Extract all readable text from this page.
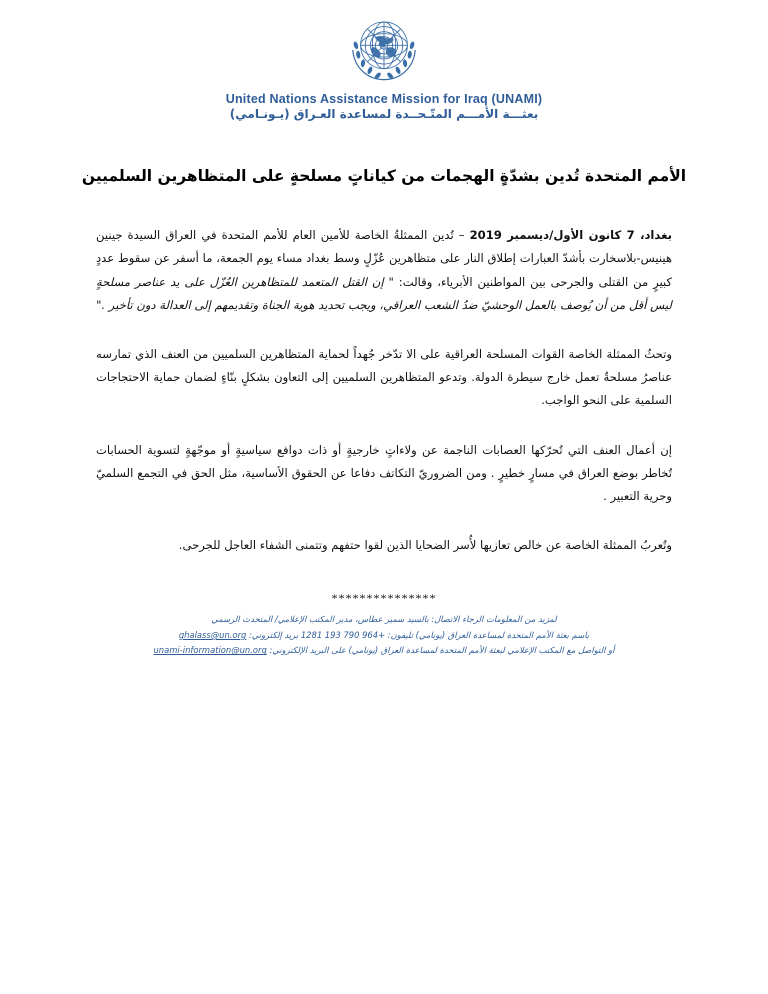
United Nations Assistance Mission for Iraq (UNAMI)
بعثـــة الأمـــم المتّـحــدة لمساعدة العـراق (يـونـامي)
الأمم المتحدة تُدين بشدّةٍ الهجمات من كياناتٍ مسلحةٍ على المتظاهرين السلميين

بغداد، 7 كانون الأول/ديسمبر 2019 – تُدين الممثلةُ الخاصة للأمين العام للأمم المتحدة في العراق السيدة جينين هينيس-بلاسخارت بأشدّ العبارات إطلاق النار على متظاهرين عُزّلٍ وسط بغداد مساء يوم الجمعة، ما أسفر عن سقوط عددٍ كبيرٍ من القتلى والجرحى بين المواطنين الأبرياء، وقالت: " إن القتل المتعمد للمتظاهرين العُزّل على يد عناصر مسلحةٍ ليس أقل من أن يُوصف بالعمل الوحشيّ ضدُ الشعب العراقي، ويجب تحديد هوية الجناة وتقديمهم إلى العدالة دون تأخير ."

وتحثُ الممثلة الخاصة القوات المسلحة العراقية على الا تدّخر جُهداً لحماية المتظاهرين السلميين من العنف الذي تمارسه عناصرُ مسلحةٌ تعمل خارج سيطرة الدولة. وتدعو المتظاهرين السلميين إلى التعاون بشكلٍ بنّاءٍ لضمان حماية الاحتجاجات السلمية على النحو الواجب.

إن أعمال العنف التي تُحرّكها العصابات الناجمة عن ولاءاتٍ خارجيةٍ أو ذات دوافع سياسيةٍ أو موجّهةٍ لتسوية الحسابات تُخاطر بوضع العراق في مسارٍ خطيرٍ . ومن الضروريّ التكاتف دفاعا عن الحقوق الأساسية، مثل الحق في التجمع السلميّ وحرية التعبير .

وتُعربُ الممثلة الخاصة عن خالص تعازيها لأُسر الضحايا الذين لقوا حتفهم وتتمنى الشفاء العاجل للجرحى.

***************
لمزيد من المعلومات الرجاء الاتصال: بالسيد سمير عطاس، مدير المكتب الإعلامي/ المتحدث الرسمي
باسم بعثة الأمم المتحدة لمساعدة العراق (يونامي) تليفون: 1281 193 790 964+ بريد إلكتروني: ghalass@un.org
أو التواصل مع المكتب الإعلامي لبعثة الأمم المتحدة لمساعدة العراق (يونامي) على البريد الإلكتروني: unami-information@un.org
